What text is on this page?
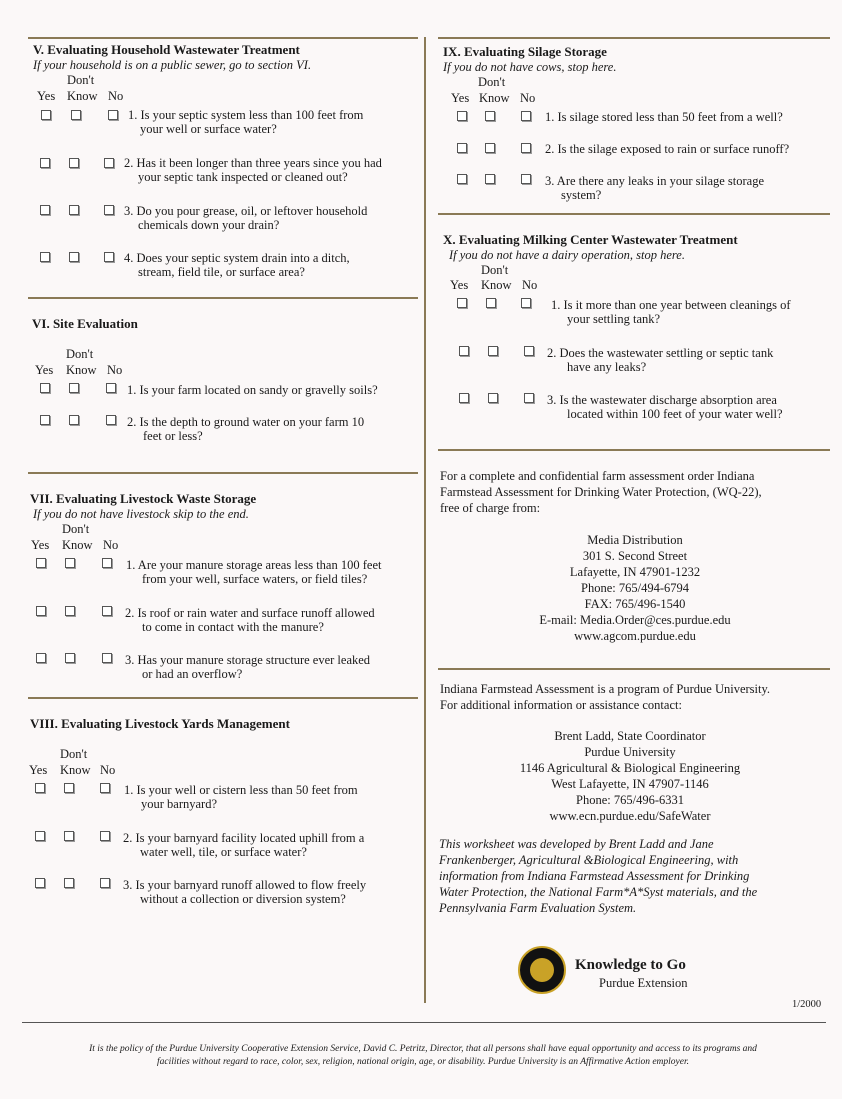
V. Evaluating Household Wastewater Treatment
If your household is on a public sewer, go to section VI.
Don't
Yes Know No
1. Is your septic system less than 100 feet from
your well or surface water?
2. Has it been longer than three years since you had
your septic tank inspected or cleaned out?
3. Do you pour grease, oil, or leftover household
chemicals down your drain?
4. Does your septic system drain into a ditch,
stream, field tile, or surface area?
VI. Site Evaluation
Don't
Yes Know No
1. Is your farm located on sandy or gravelly soils?
2. Is the depth to ground water on your farm 10
feet or less?
VII. Evaluating Livestock Waste Storage
If you do not have livestock skip to the end.
Don't
Yes Know No
1. Are your manure storage areas less than 100 feet
from your well, surface waters, or field tiles?
2. Is roof or rain water and surface runoff allowed
to come in contact with the manure?
3. Has your manure storage structure ever leaked
or had an overflow?
VIII. Evaluating Livestock Yards Management
Don't
Yes Know No
1. Is your well or cistern less than 50 feet from
your barnyard?
2. Is your barnyard facility located uphill from a
water well, tile, or surface water?
3. Is your barnyard runoff allowed to flow freely
without a collection or diversion system?
IX. Evaluating Silage Storage
If you do not have cows, stop here.
Don't
Yes Know No
1. Is silage stored less than 50 feet from a well?
2. Is the silage exposed to rain or surface runoff?
3. Are there any leaks in your silage storage
system?
X. Evaluating Milking Center Wastewater Treatment
If you do not have a dairy operation, stop here.
Don't
Yes Know No
1. Is it more than one year between cleanings of
your settling tank?
2. Does the wastewater settling or septic tank
have any leaks?
3. Is the wastewater discharge absorption area
located within 100 feet of your water well?
For a complete and confidential farm assessment order Indiana
Farmstead Assessment for Drinking Water Protection, (WQ-22),
free of charge from:
Media Distribution
301 S. Second Street
Lafayette, IN 47901-1232
Phone: 765/494-6794
FAX: 765/496-1540
E-mail: Media.Order@ces.purdue.edu
www.agcom.purdue.edu
Indiana Farmstead Assessment is a program of Purdue University.
For additional information or assistance contact:
Brent Ladd, State Coordinator
Purdue University
1146 Agricultural & Biological Engineering
West Lafayette, IN 47907-1146
Phone: 765/496-6331
www.ecn.purdue.edu/SafeWater
This worksheet was developed by Brent Ladd and Jane
Frankenberger, Agricultural &Biological Engineering, with
information from Indiana Farmstead Assessment for Drinking
Water Protection, the National Farm*A*Syst materials, and the
Pennsylvania Farm Evaluation System.
Knowledge to Go
Purdue Extension
1/2000
It is the policy of the Purdue University Cooperative Extension Service, David C. Petritz, Director, that all persons shall have equal opportunity and access to its programs and
facilities without regard to race, color, sex, religion, national origin, age, or disability. Purdue University is an Affirmative Action employer.
